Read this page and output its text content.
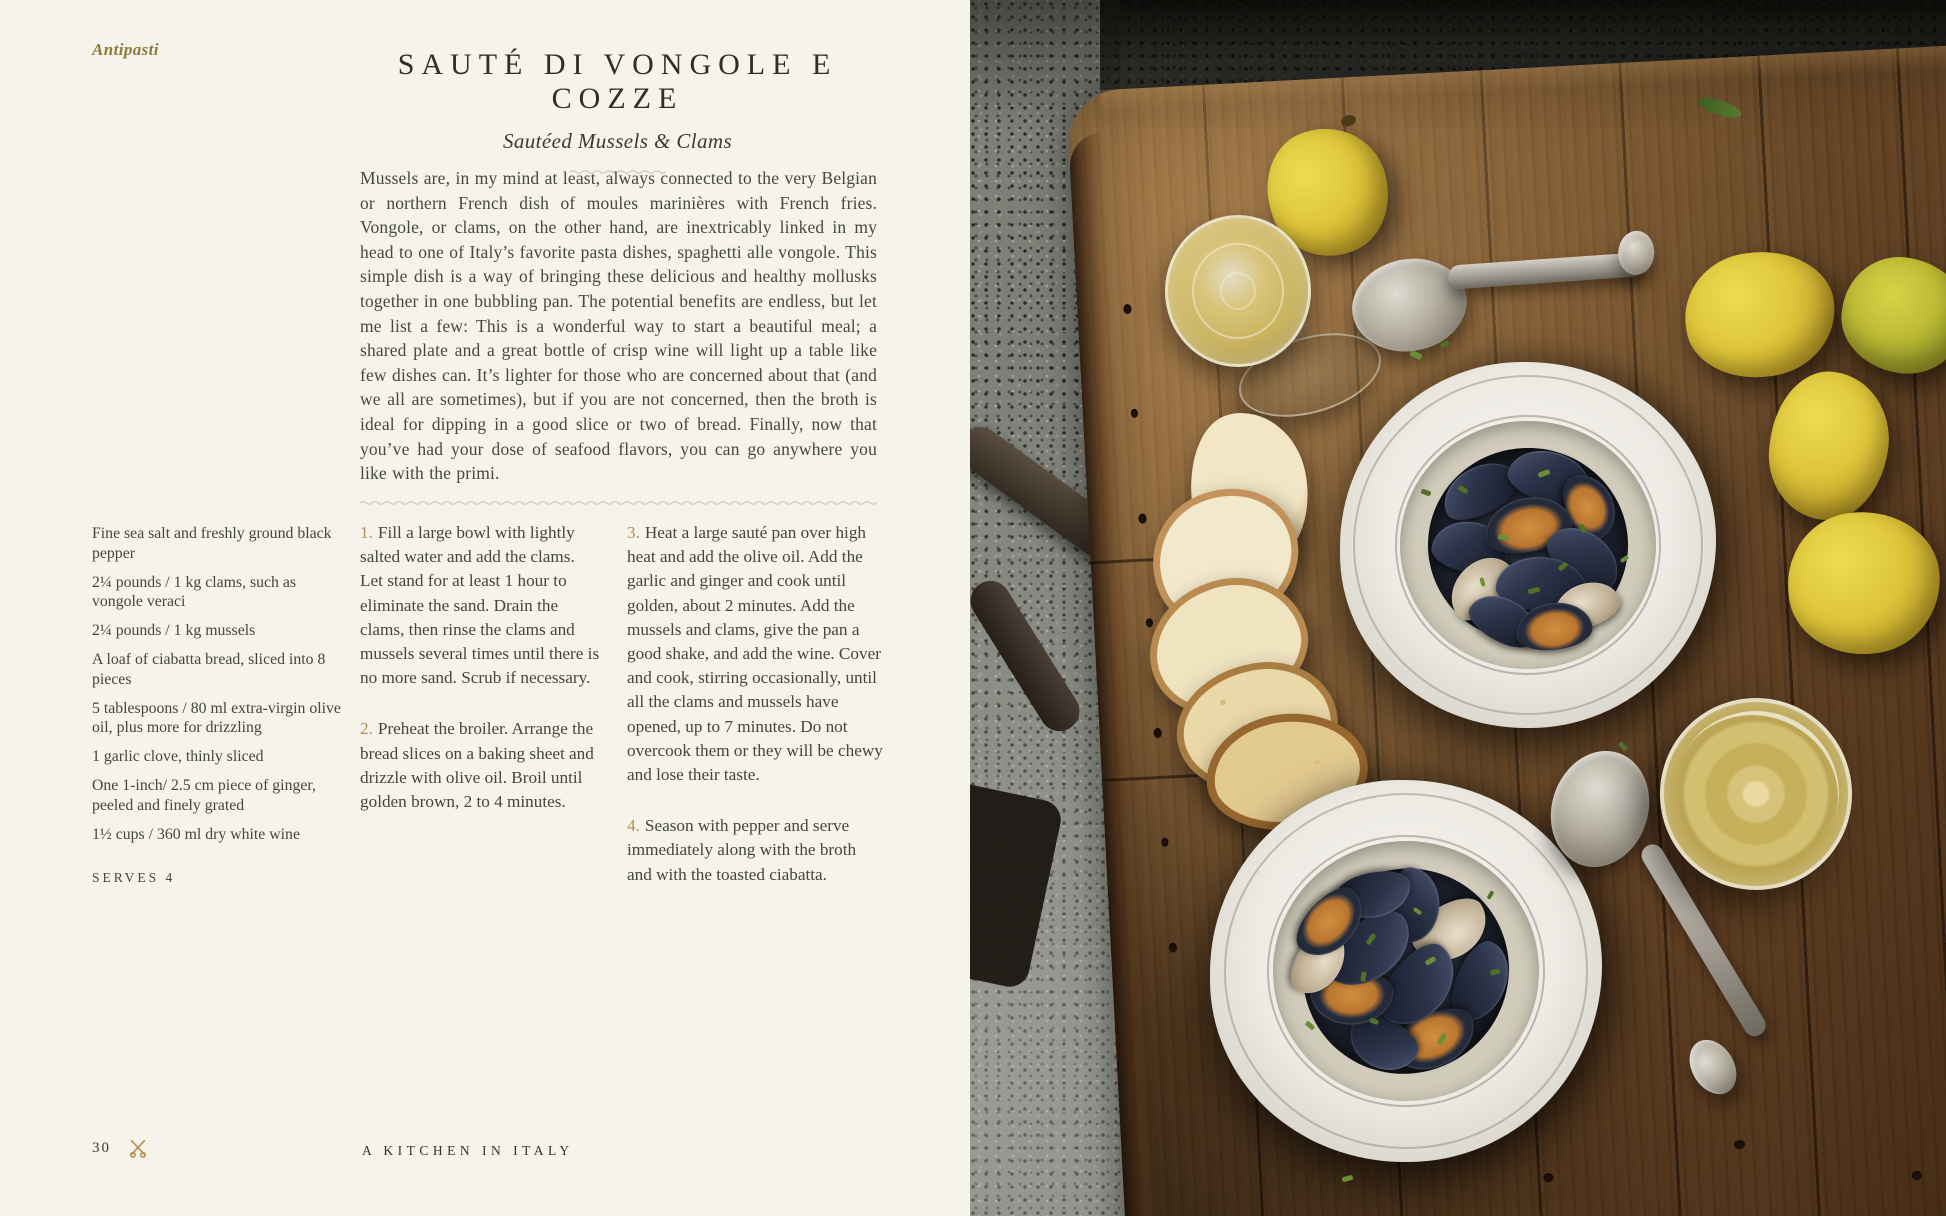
Antipasti	SAUTÉ DI VONGOLE E COZZE
Sautéed Mussels & Clams

Mussels are, in my mind at least, always connected to the very Belgian or northern French dish of moules marinières with French fries. Vongole, or clams, on the other hand, are inextricably linked in my head to one of Italy’s favorite pasta dishes, spaghetti alle vongole. This simple dish is a way of bringing these delicious and healthy mollusks together in one bubbling pan. The potential benefits are endless, but let me list a few: This is a wonderful way to start a beautiful meal; a shared plate and a great bottle of crisp wine will light up a table like few dishes can. It’s lighter for those who are concerned about that (and we all are sometimes), but if you are not concerned, then the broth is ideal for dipping in a good slice or two of bread. Finally, now that you’ve had your dose of seafood flavors, you can go anywhere you like with the primi.

Fine sea salt and freshly ground black pepper
2¼ pounds / 1 kg clams, such as vongole veraci
2¼ pounds / 1 kg mussels
A loaf of ciabatta bread, sliced into 8 pieces
5 tablespoons / 80 ml extra-virgin olive oil, plus more for drizzling
1 garlic clove, thinly sliced
One 1-inch/ 2.5 cm piece of ginger, peeled and finely grated
1½ cups / 360 ml dry white wine
SERVES 4

1. Fill a large bowl with lightly salted water and add the clams. Let stand for at least 1 hour to eliminate the sand. Drain the clams, then rinse the clams and mussels several times until there is no more sand. Scrub if necessary.

2. Preheat the broiler. Arrange the bread slices on a baking sheet and drizzle with olive oil. Broil until golden brown, 2 to 4 minutes.

3. Heat a large sauté pan over high heat and add the olive oil. Add the garlic and ginger and cook until golden, about 2 minutes. Add the mussels and clams, give the pan a good shake, and add the wine. Cover and cook, stirring occasionally, until all the clams and mussels have opened, up to 7 minutes. Do not overcook them or they will be chewy and lose their taste.

4. Season with pepper and serve immediately along with the broth and with the toasted ciabatta.

30	A KITCHEN IN ITALY
